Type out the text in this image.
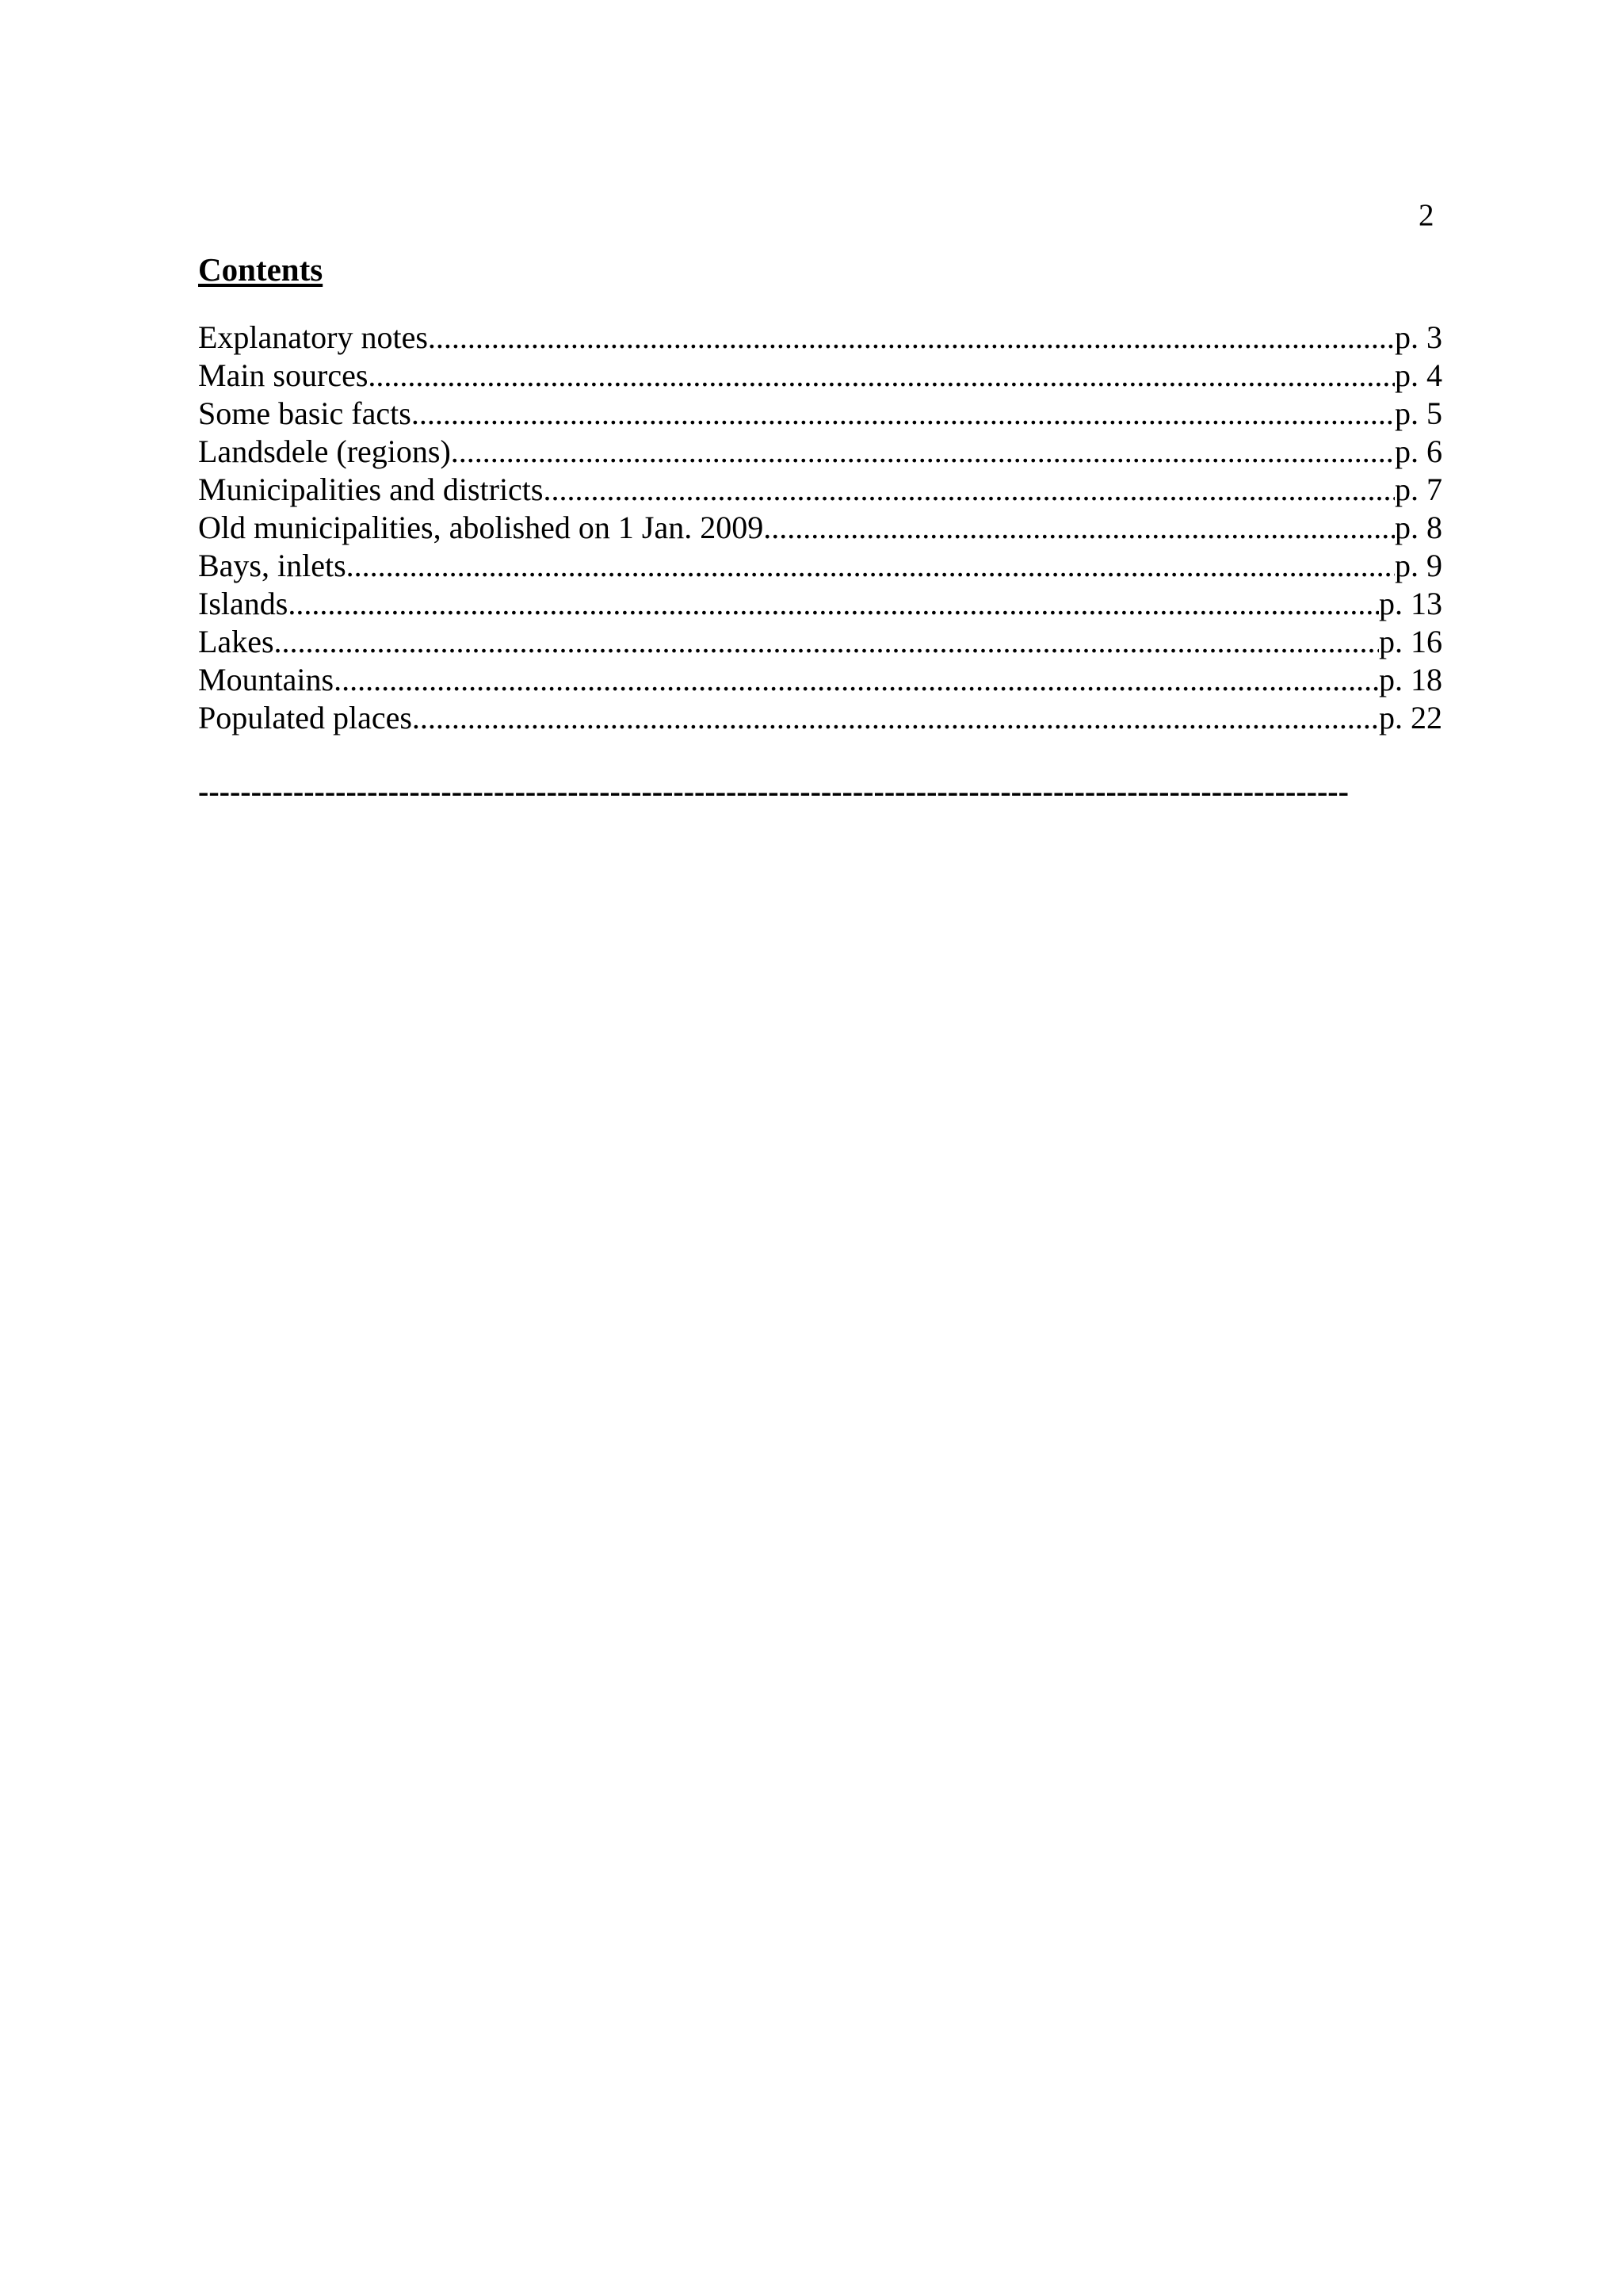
2
Contents
Explanatory notes .....	p. 3
Main sources .....	p. 4
Some basic facts .....	p. 5
Landsdele (regions) .....	p. 6
Municipalities and districts .....	p. 7
Old municipalities, abolished on 1 Jan. 2009 .....	p. 8
Bays, inlets .....	p. 9
Islands .....	p. 13
Lakes .....	p. 16
Mountains .....	p. 18
Populated places .....	p. 22
-------------------------------------------------------------------------------------------------------------
